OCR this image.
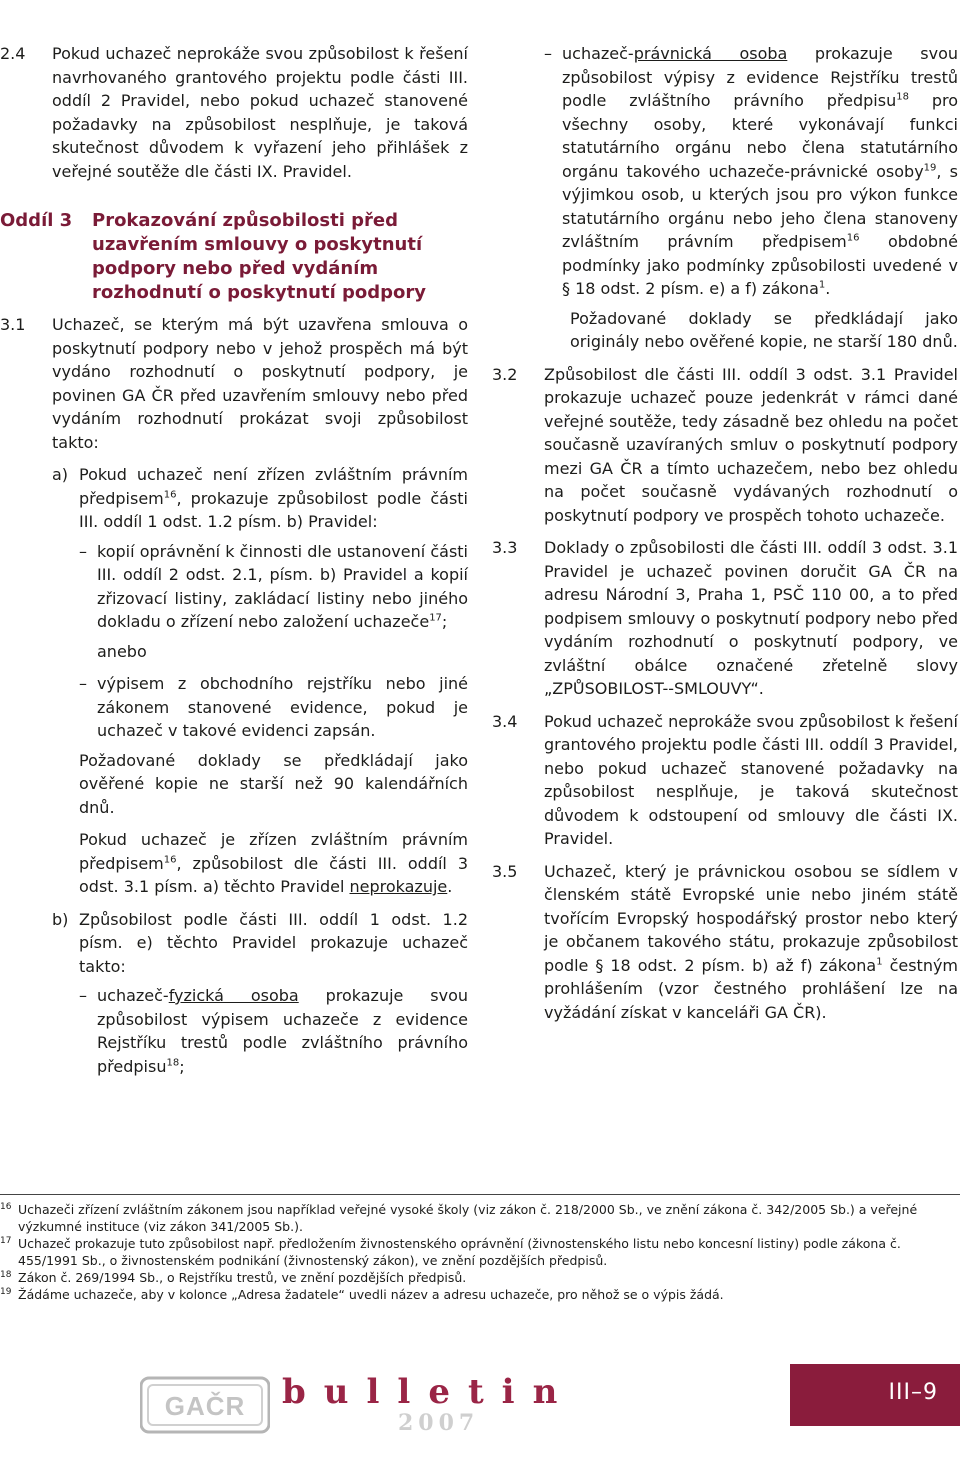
2.4	Pokud uchazeč neprokáže svou způsobilost k řešení navrhovaného grantového projektu podle části III. oddíl 2 Pravidel, nebo pokud uchazeč stanovené požadavky na způsobilost nesplňuje, je taková skutečnost důvodem k vyřazení jeho přihlášek z veřejné soutěže dle části IX. Pravidel.
Oddíl 3	Prokazování způsobilosti před uzavřením smlouvy o poskytnutí podpory nebo před vydáním rozhodnutí o poskytnutí podpory
3.1	Uchazeč, se kterým má být uzavřena smlouva o poskytnutí podpory nebo v jehož prospěch má být vydáno rozhodnutí o poskytnutí podpory, je povinen GA ČR před uzavřením smlouvy nebo před vydáním rozhodnutí prokázat svoji způsobilost takto:
a) Pokud uchazeč není zřízen zvláštním právním předpisem$^{16}$, prokazuje způsobilost podle části III. oddíl 1 odst. 1.2 písm. b) Pravidel:
– kopií oprávnění k činnosti dle ustanovení části III. oddíl 2 odst. 2.1, písm. b) Pravidel a kopií zřizovací listiny, zakládací listiny nebo jiného dokladu o zřízení nebo založení uchazeče$^{17}$;

anebo

– výpisem z obchodního rejstříku nebo jiné zákonem stanovené evidence, pokud je uchazeč v takové evidenci zapsán.

Požadované doklady se předkládají jako ověřené kopie ne starší než 90 kalendářních dnů.

Pokud uchazeč je zřízen zvláštním právním předpisem$^{16}$, způsobilost dle části III. oddíl 3 odst. 3.1 písm. a) těchto Pravidel neprokazuje.

b) Způsobilost podle části III. oddíl 1 odst. 1.2 písm. e) těchto Pravidel prokazuje uchazeč takto:
– uchazeč-fyzická osoba prokazuje svou způsobilost výpisem uchazeče z evidence Rejstříku trestů podle zvláštního právního předpisu$^{18}$;
– uchazeč-právnická osoba prokazuje svou způsobilost výpisy z evidence Rejstříku trestů podle zvláštního právního předpisu$^{18}$ pro všechny osoby, které vykonávají funkci statutárního orgánu nebo člena statutárního orgánu takového uchazeče-právnické osoby$^{19}$, s výjimkou osob, u kterých jsou pro výkon funkce statutárního orgánu nebo jeho člena stanoveny zvláštním právním předpisem$^{16}$ obdobné podmínky jako podmínky způsobilosti uvedené v § 18 odst. 2 písm. e) a f) zákona$^1$.

Požadované doklady se předkládají jako originály nebo ověřené kopie, ne starší 180 dnů.

3.2	Způsobilost dle části III. oddíl 3 odst. 3.1 Pravidel prokazuje uchazeč pouze jedenkrát v rámci dané veřejné soutěže, tedy zásadně bez ohledu na počet současně uzavíraných smluv o poskytnutí podpory mezi GA ČR a tímto uchazečem, nebo bez ohledu na počet současně vydávaných rozhodnutí o poskytnutí podpory ve prospěch tohoto uchazeče.
3.3	Doklady o způsobilosti dle části III. oddíl 3 odst. 3.1 Pravidel je uchazeč povinen doručit GA ČR na adresu Národní 3, Praha 1, PSČ 110 00, a to před podpisem smlouvy o poskytnutí podpory nebo před vydáním rozhodnutí o poskytnutí podpory, ve zvláštní obálce označené zřetelně slovy „ZPŮSOBILOST--SMLOUVY“.
3.4	Pokud uchazeč neprokáže svou způsobilost k řešení grantového projektu podle části III. oddíl 3 Pravidel, nebo pokud uchazeč stanovené požadavky na způsobilost nesplňuje, je taková skutečnost důvodem k odstoupení od smlouvy dle části IX. Pravidel.
3.5	Uchazeč, který je právnickou osobou se sídlem v členském státě Evropské unie nebo jiném státě tvořícím Evropský hospodářský prostor nebo který je občanem takového státu, prokazuje způsobilost podle § 18 odst. 2 písm. b) až f) zákona$^1$ čestným prohlášením (vzor čestného prohlášení lze na vyžádání získat v kanceláři GA ČR).
16 Uchazeči zřízení zvláštním zákonem jsou například veřejné vysoké školy (viz zákon č. 218/2000 Sb., ve znění zákona č. 342/2005 Sb.) a veřejné výzkumné instituce (viz zákon 341/2005 Sb.).
17 Uchazeč prokazuje tuto způsobilost např. předložením živnostenského oprávnění (živnostenského listu nebo koncesní listiny) podle zákona č. 455/1991 Sb., o živnostenském podnikání (živnostenský zákon), ve znění pozdějších předpisů.
18 Zákon č. 269/1994 Sb., o Rejstříku trestů, ve znění pozdějších předpisů.
19 Žádáme uchazeče, aby v kolonce „Adresa žadatele“ uvedli název a adresu uchazeče, pro něhož se o výpis žádá.
GAČR bulletin
2007
III–9
